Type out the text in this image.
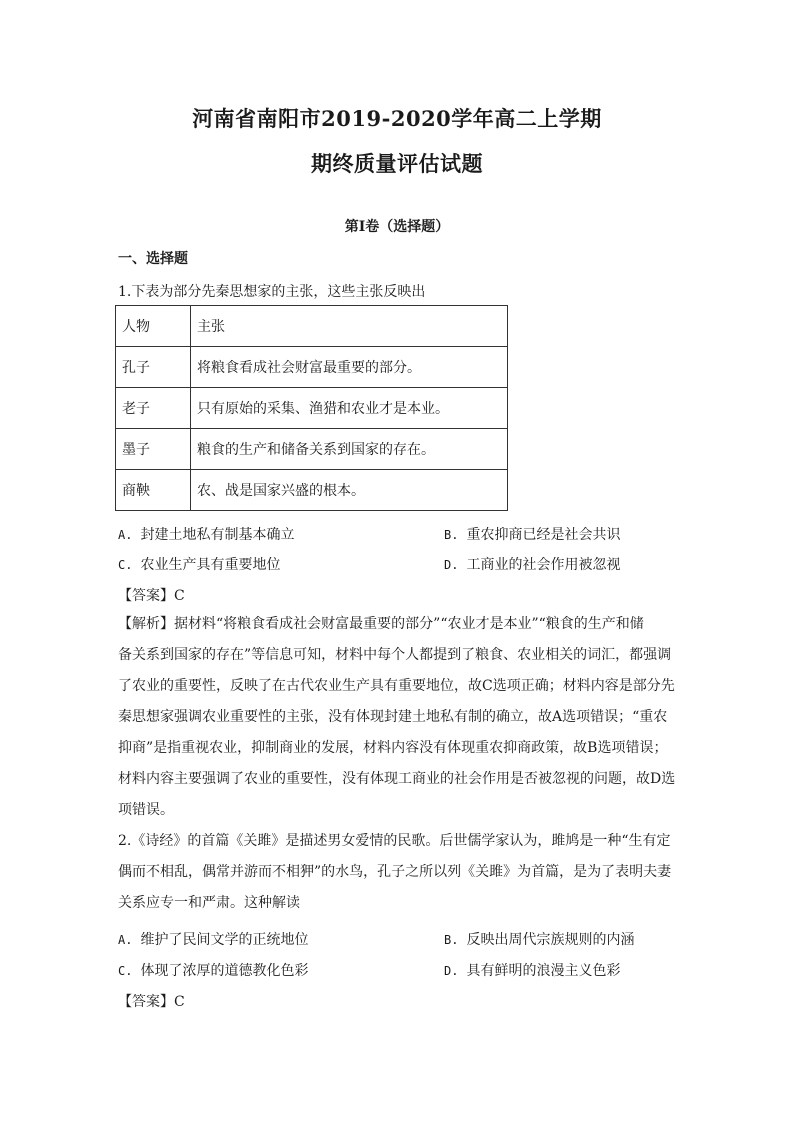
河南省南阳市2019-2020学年高二上学期
期终质量评估试题
第Ⅰ卷（选择题）
一、选择题
1.下表为部分先秦思想家的主张，这些主张反映出
人物	主张
孔子	将粮食看成社会财富最重要的部分。
老子	只有原始的采集、渔猎和农业才是本业。
墨子	粮食的生产和储备关系到国家的存在。
商鞅	农、战是国家兴盛的根本。
A. 封建土地私有制基本确立	B. 重农抑商已经是社会共识
C. 农业生产具有重要地位	D. 工商业的社会作用被忽视
【答案】C
【解析】据材料“将粮食看成社会财富最重要的部分”“农业才是本业”“粮食的生产和储
备关系到国家的存在”等信息可知，材料中每个人都提到了粮食、农业相关的词汇，都强调
了农业的重要性，反映了在古代农业生产具有重要地位，故C选项正确；材料内容是部分先
秦思想家强调农业重要性的主张，没有体现封建土地私有制的确立，故A选项错误；“重农
抑商”是指重视农业，抑制商业的发展，材料内容没有体现重农抑商政策，故B选项错误；
材料内容主要强调了农业的重要性，没有体现工商业的社会作用是否被忽视的问题，故D选
项错误。
2.《诗经》的首篇《关雎》是描述男女爱情的民歌。后世儒学家认为，雎鸠是一种“生有定
偶而不相乱，偶常并游而不相狎”的水鸟，孔子之所以列《关雎》为首篇，是为了表明夫妻
关系应专一和严肃。这种解读
A. 维护了民间文学的正统地位	B. 反映出周代宗族规则的内涵
C. 体现了浓厚的道德教化色彩	D. 具有鲜明的浪漫主义色彩
【答案】C
